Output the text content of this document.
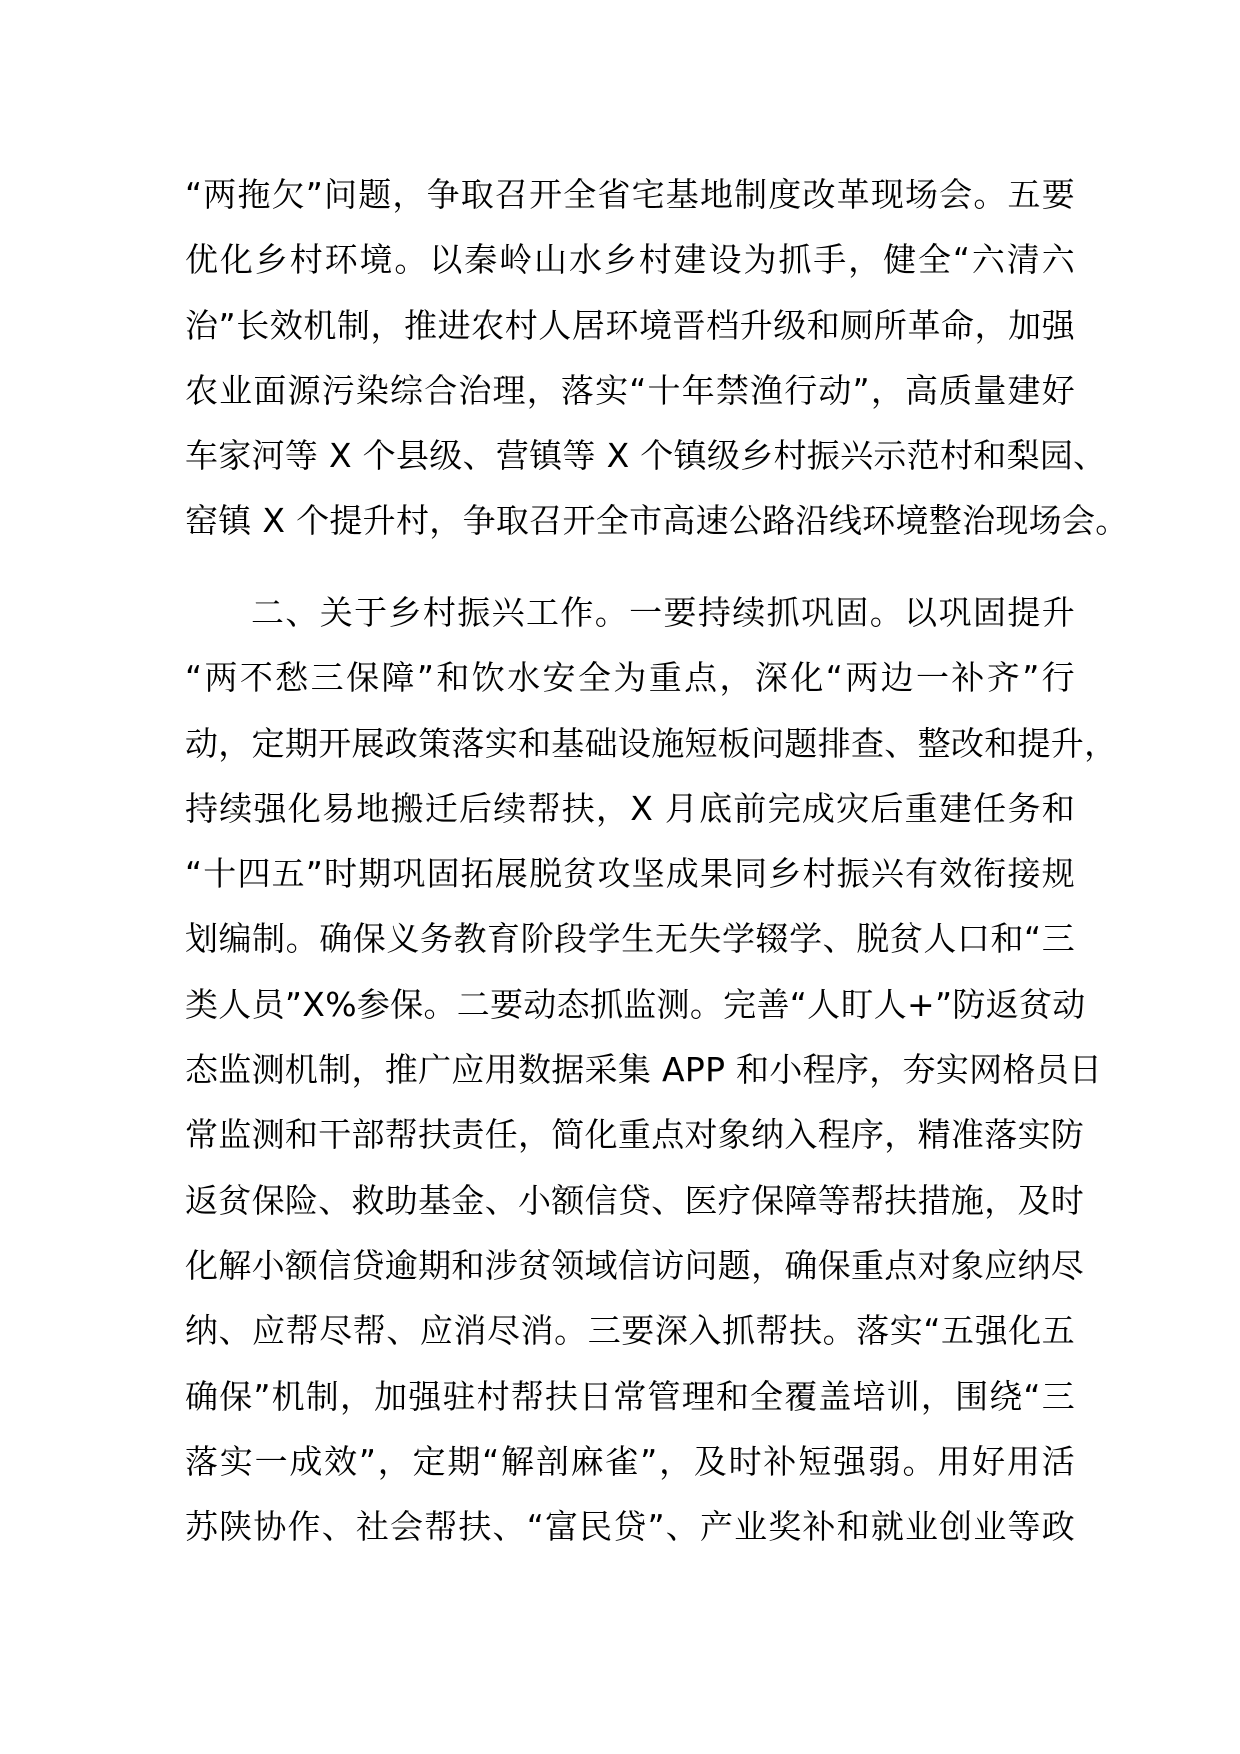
“两拖欠”问题，争取召开全省宅基地制度改革现场会。五要
优化乡村环境。以秦岭山水乡村建设为抓手，健全“六清六
治”长效机制，推进农村人居环境晋档升级和厕所革命，加强
农业面源污染综合治理，落实“十年禁渔行动”，高质量建好
车家河等 X 个县级、营镇等 X 个镇级乡村振兴示范村和梨园、
窑镇 X 个提升村，争取召开全市高速公路沿线环境整治现场会。
二、关于乡村振兴工作。一要持续抓巩固。以巩固提升
“两不愁三保障”和饮水安全为重点，深化“两边一补齐”行
动，定期开展政策落实和基础设施短板问题排查、整改和提升，
持续强化易地搬迁后续帮扶，X 月底前完成灾后重建任务和
“十四五”时期巩固拓展脱贫攻坚成果同乡村振兴有效衔接规
划编制。确保义务教育阶段学生无失学辍学、脱贫人口和“三
类人员”X%参保。二要动态抓监测。完善“人盯人+”防返贫动
态监测机制，推广应用数据采集 APP 和小程序，夯实网格员日
常监测和干部帮扶责任，简化重点对象纳入程序，精准落实防
返贫保险、救助基金、小额信贷、医疗保障等帮扶措施，及时
化解小额信贷逾期和涉贫领域信访问题，确保重点对象应纳尽
纳、应帮尽帮、应消尽消。三要深入抓帮扶。落实“五强化五
确保”机制，加强驻村帮扶日常管理和全覆盖培训，围绕“三
落实一成效”，定期“解剖麻雀”，及时补短强弱。用好用活
苏陕协作、社会帮扶、“富民贷”、产业奖补和就业创业等政
